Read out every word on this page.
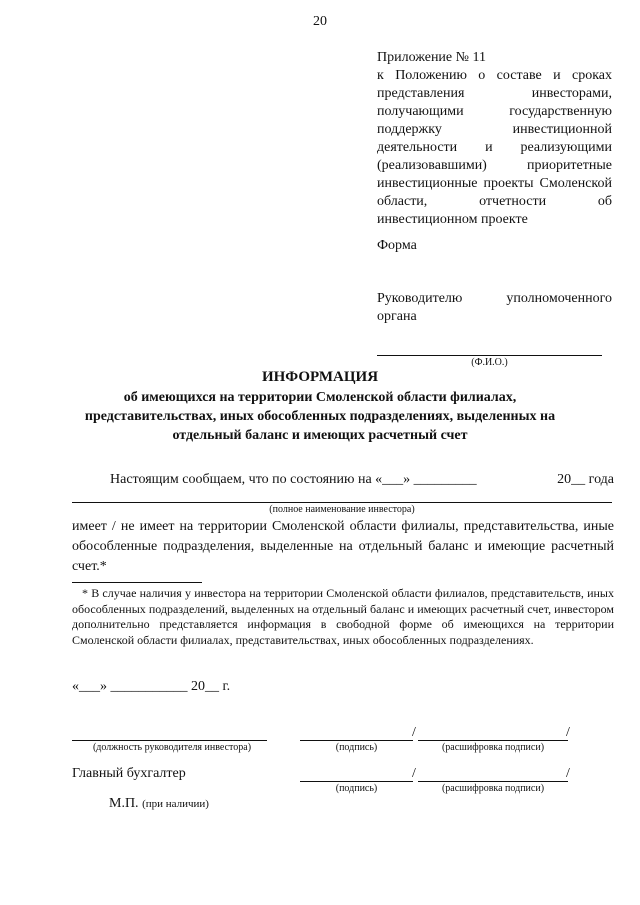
20
Приложение № 11
к Положению о составе и сроках представления инвесторами, получающими государственную поддержку инвестиционной деятельности и реализующими (реализовавшими) приоритетные инвестиционные проекты Смоленской области, отчетности об инвестиционном проекте
Форма
Руководителю уполномоченного органа
(Ф.И.О.)
ИНФОРМАЦИЯ
об имеющихся на территории Смоленской области филиалах, представительствах, иных обособленных подразделениях, выделенных на отдельный баланс и имеющих расчетный счет
Настоящим сообщаем, что по состоянию на «___» _________	20__ года
(полное наименование инвестора)
имеет / не имеет на территории Смоленской области филиалы, представительства, иные обособленные подразделения, выделенные на отдельный баланс и имеющие расчетный счет.*
* В случае наличия у инвестора на территории Смоленской области филиалов, представительств, иных обособленных подразделений, выделенных на отдельный баланс и имеющих расчетный счет, инвестором дополнительно представляется информация в свободной форме об имеющихся на территории Смоленской области филиалах, представительствах, иных обособленных подразделениях.
«___» ___________ 20__ г.
(должность руководителя инвестора)
/	/
(подпись)	(расшифровка подписи)
Главный бухгалтер	/	/
(подпись)	(расшифровка подписи)
М.П. (при наличии)
